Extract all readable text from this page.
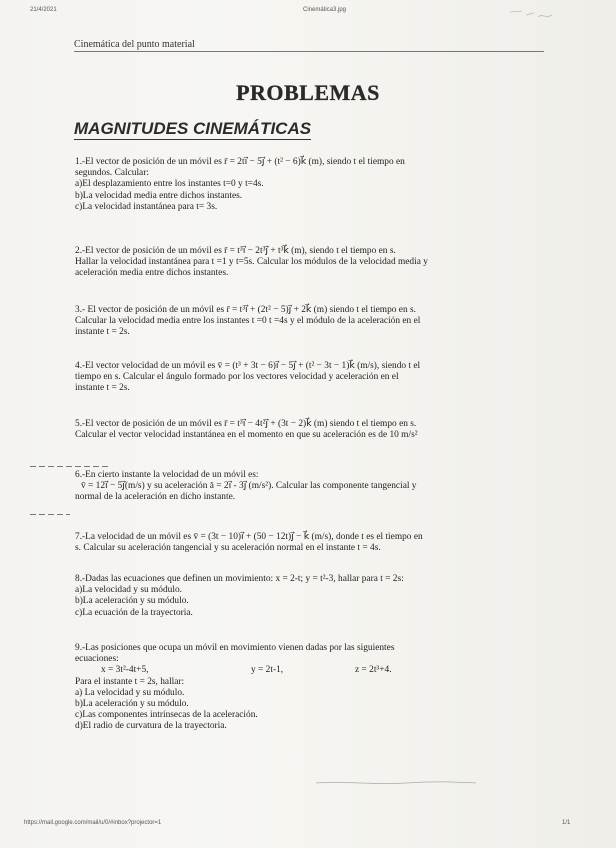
21/4/2021	Cinemática3.jpg
Cinemática del punto material
PROBLEMAS
MAGNITUDES CINEMÁTICAS
1.-El vector de posición de un móvil es r̄ = 2ti⃗ − 5j⃗ + (t² − 6)k⃗ (m), siendo t el tiempo en
segundos. Calcular:
a)El desplazamiento entre los instantes t=0 y t=4s.
b)La velocidad media entre dichos instantes.
c)La velocidad instantánea para t= 3s.
2.-El vector de posición de un móvil es r̄ = t³i⃗ − 2t³j⃗ + t³k⃗ (m), siendo t el tiempo en s.
Hallar la velocidad instantánea para t =1 y t=5s. Calcular los módulos de la velocidad media y
aceleración media entre dichos instantes.
3.- El vector de posición de un móvil es r̄ = t³i⃗ + (2t² − 5)j⃗ + 2k⃗ (m) siendo t el tiempo en s.
Calcular la velocidad media entre los instantes t =0 t =4s y el módulo de la aceleración en el
instante t = 2s.
4.-El vector velocidad de un móvil es v̄ = (t³ + 3t − 6)i⃗ − 5j⃗ + (t² − 3t − 1)k⃗ (m/s), siendo t el
tiempo en s. Calcular el ángulo formado por los vectores velocidad y aceleración en el
instante t = 2s.
5.-El vector de posición de un móvil es r̄ = t³i⃗ − 4t²j⃗ + (3t − 2)k⃗ (m) siendo t el tiempo en s.
Calcular el vector velocidad instantánea en el momento en que su aceleración es de 10 m/s²
6.-En cierto instante la velocidad de un móvil es:
v̄ = 12i⃗ − 5j⃗(m/s) y su aceleración ā = 2i⃗ - 3j⃗ (m/s²). Calcular las componente tangencial y
normal de la aceleración en dicho instante.
7.-La velocidad de un móvil es v̄ = (3t − 10)i⃗ + (50 − 12t)j⃗ − k⃗ (m/s), donde t es el tiempo en
s. Calcular su aceleración tangencial y su aceleración normal en el instante t = 4s.
8.-Dadas las ecuaciones que definen un movimiento: x = 2-t; y = t²-3, hallar para t = 2s:
a)La velocidad y su módulo.
b)La aceleración y su módulo.
c)La ecuación de la trayectoria.
9.-Las posiciones que ocupa un móvil en movimiento vienen dadas por las siguientes
ecuaciones:
x = 3t²-4t+5,	y = 2t-1,	z = 2t³+4.
Para el instante t = 2s, hallar:
a) La velocidad y su módulo.
b)La aceleración y su módulo.
c)Las componentes intrínsecas de la aceleración.
d)El radio de curvatura de la trayectoria.
https://mail.google.com/mail/u/0/#inbox?projector=1	1/1
